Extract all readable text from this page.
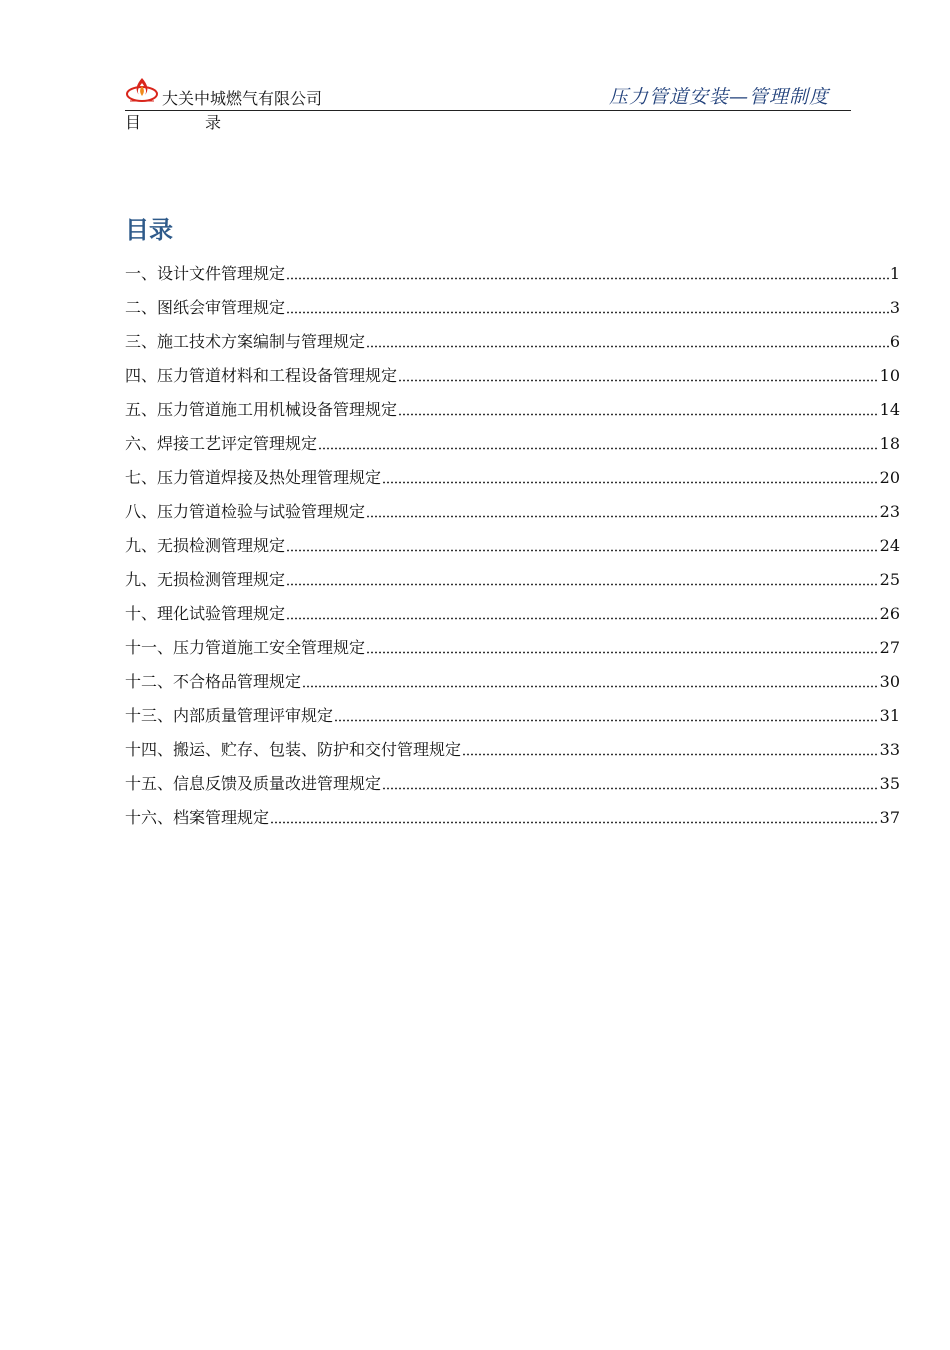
大关中城燃气有限公司	压力管道安装—管理制度
目	录
目录
一、设计文件管理规定	1
二、图纸会审管理规定	3
三、施工技术方案编制与管理规定	6
四、压力管道材料和工程设备管理规定	10
五、压力管道施工用机械设备管理规定	14
六、焊接工艺评定管理规定	18
七、压力管道焊接及热处理管理规定	20
八、压力管道检验与试验管理规定	23
九、无损检测管理规定	24
九、无损检测管理规定	25
十、理化试验管理规定	26
十一、压力管道施工安全管理规定	27
十二、不合格品管理规定	30
十三、内部质量管理评审规定	31
十四、搬运、贮存、包装、防护和交付管理规定	33
十五、信息反馈及质量改进管理规定	35
十六、档案管理规定	37
